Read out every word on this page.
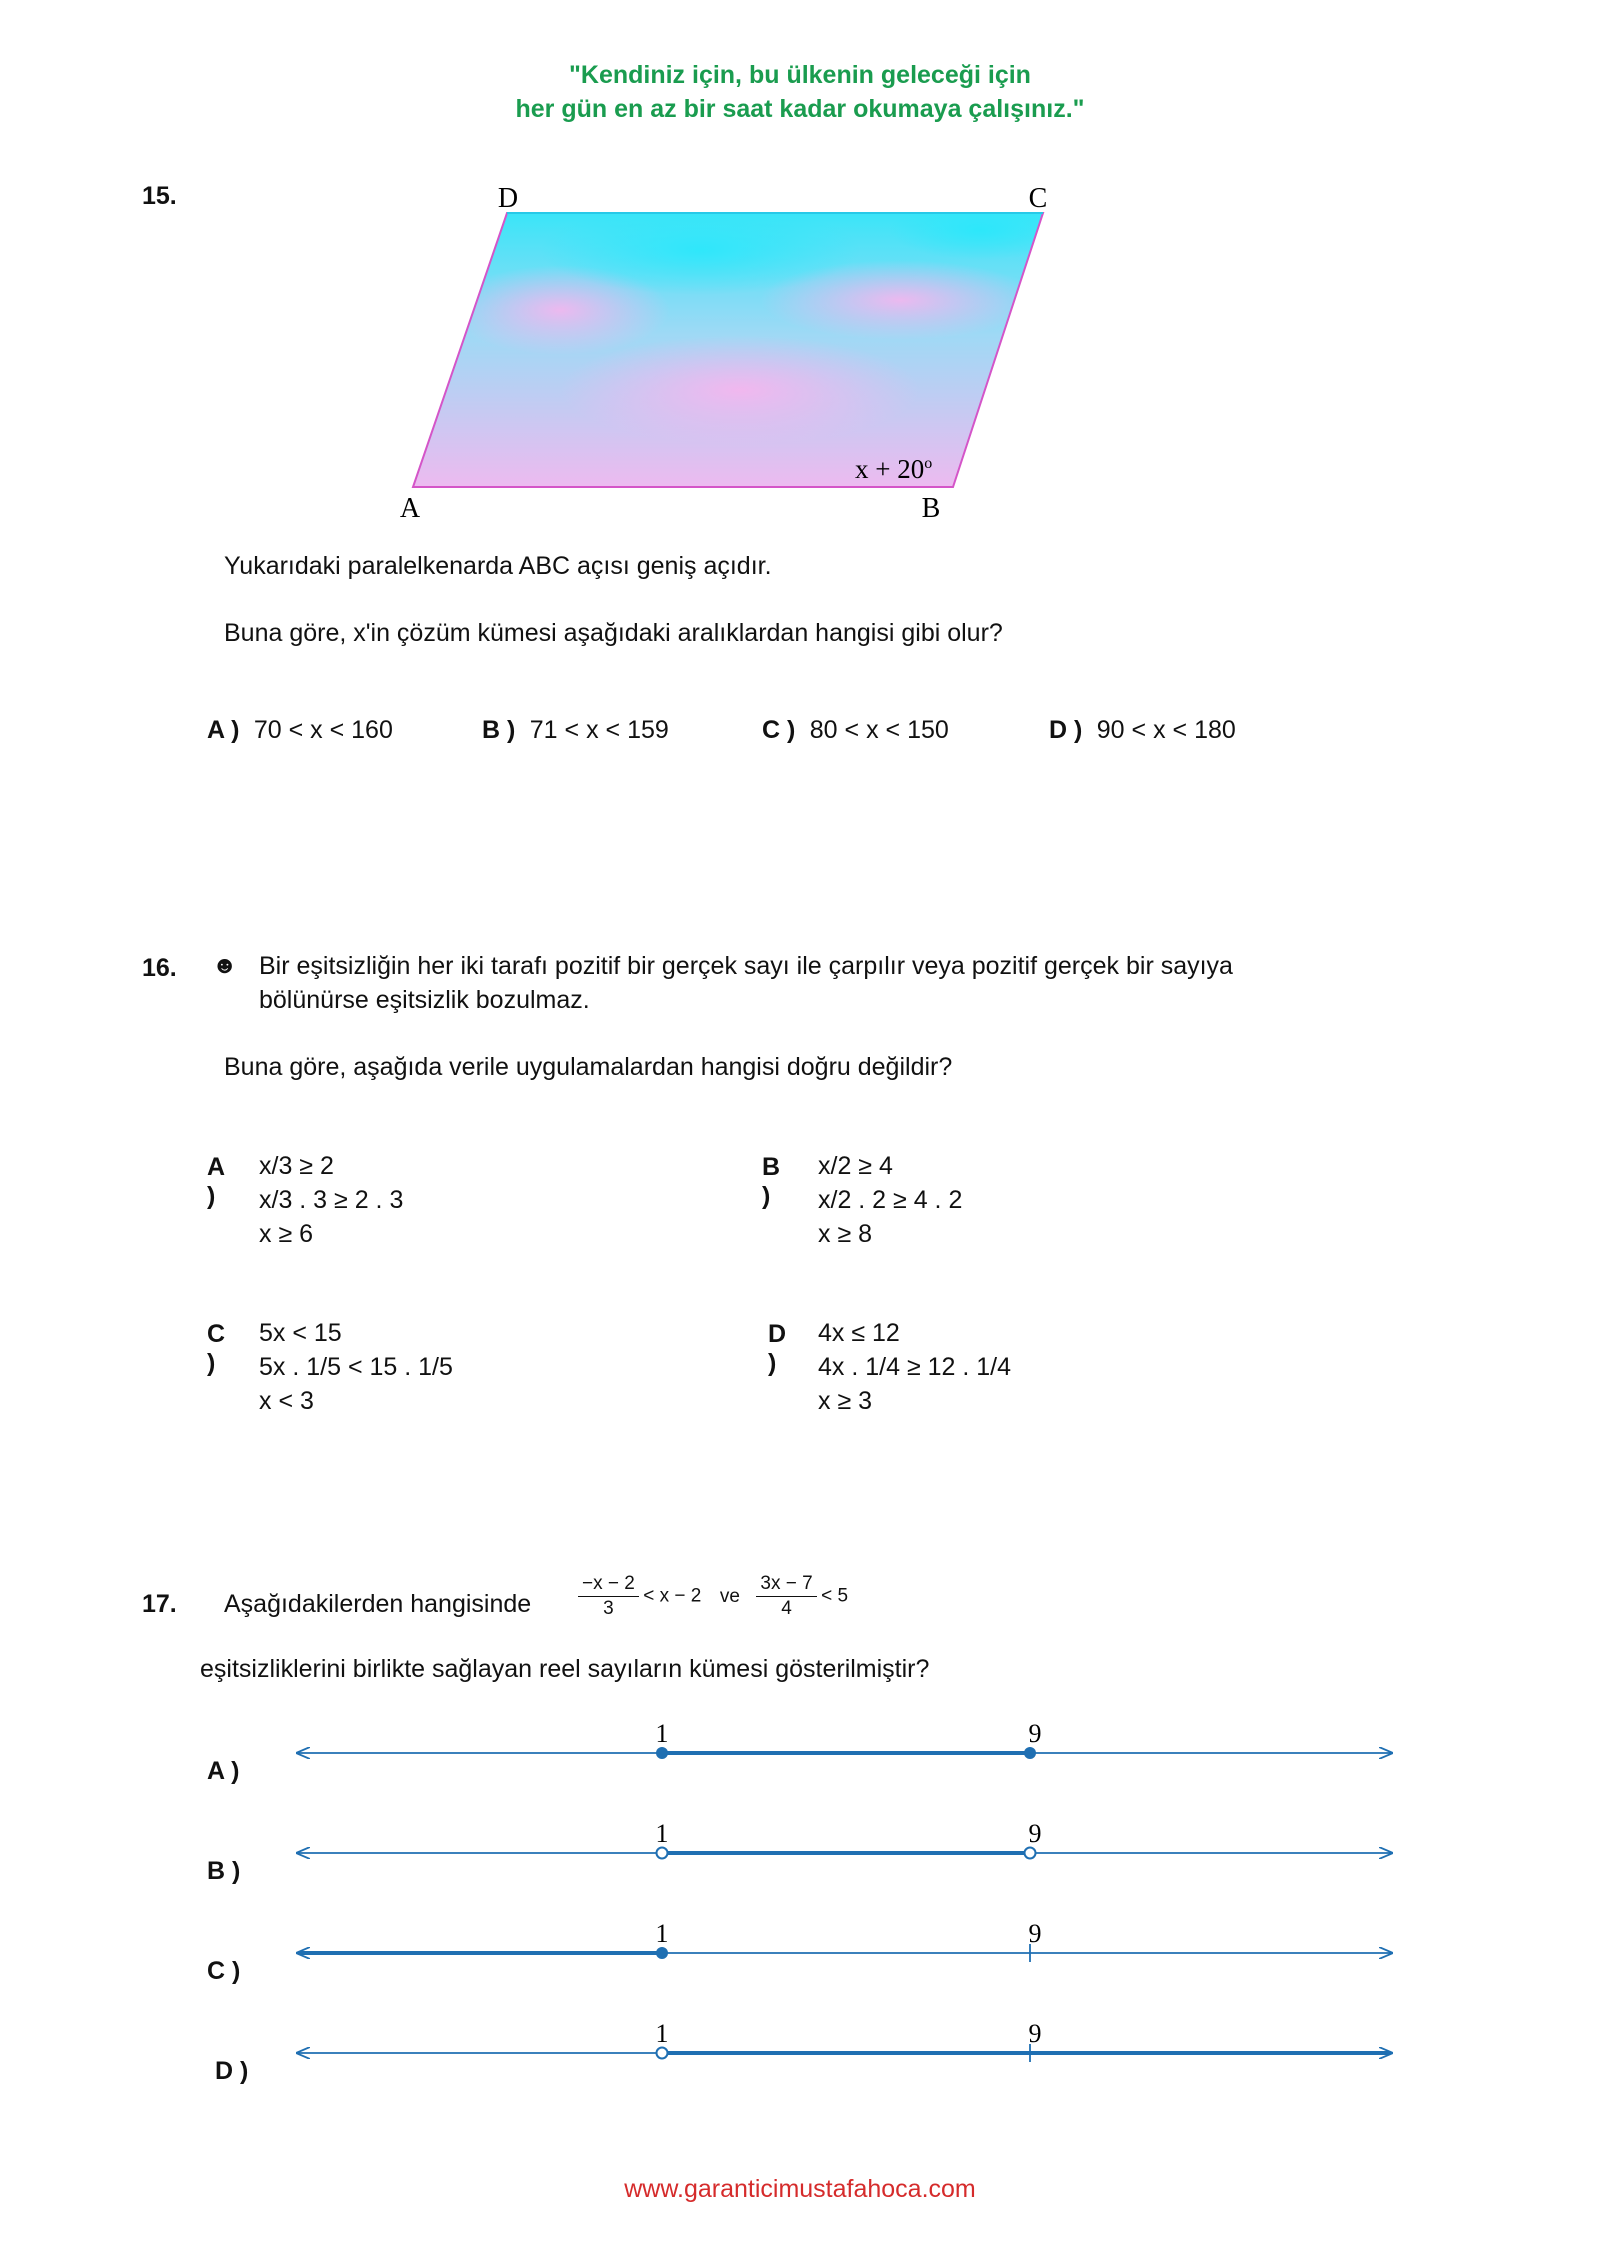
"Kendiniz için, bu ülkenin geleceği için
her gün en az bir saat kadar okumaya çalışınız."
15.	D	C
A	B
$x + 20^o$
Yukarıdaki paralelkenarda ABC açısı geniş açıdır.
Buna göre, x'in çözüm kümesi aşağıdaki aralıklardan hangisi gibi olur?
A ) 70 < x < 160	B ) 71 < x < 159	C ) 80 < x < 150	D ) 90 < x < 180
16. ☻ Bir eşitsizliğin her iki tarafı pozitif bir gerçek sayı ile çarpılır veya pozitif gerçek bir sayıya
bölünürse eşitsizlik bozulmaz.
Buna göre, aşağıda verile uygulamalardan hangisi doğru değildir?
A )
x/3 ≥ 2
x/3 . 3 ≥ 2 . 3
x ≥ 6
B )
x/2 ≥ 4
x/2 . 2 ≥ 4 . 2
x ≥ 8
C )
5x < 15
5x . 1/5 < 15 . 1/5
x < 3
D )
4x ≤ 12
4x . 1/4 ≥ 12 . 1/4
x ≥ 3
17. Aşağıdakilerden hangisinde $\frac{-x - 2}{3} < x - 2$ ve $\frac{3x - 7}{4} < 5$
eşitsizliklerini birlikte sağlayan reel sayıların kümesi gösterilmiştir?
A )
B )
C )
D )
1	9
1	9
1	9
1	9
www.garanticimustafahoca.com
